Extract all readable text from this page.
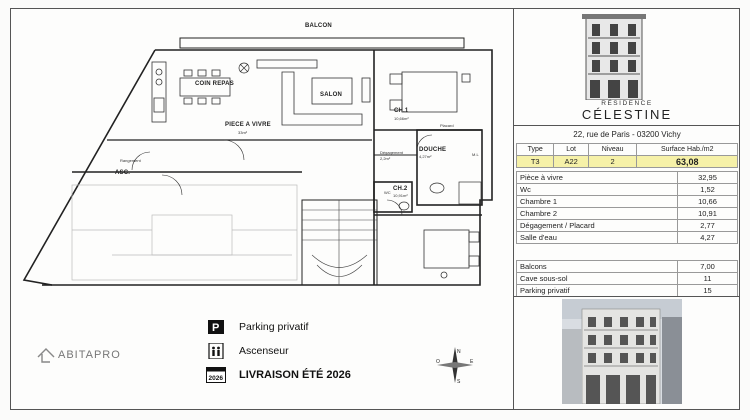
BALCON
COIN REPAS
SALON
PIECE A VIVRE
33m²
CH.1
10,66m²
DOUCHE
4,27m²
Dégagement
2,2m²
CH.2
10,91m²
ASC.
WC
M.L
Rangement
Placard
ABITAPRO
P Parking privatif
Ascenseur
2026 LIVRAISON ÉTÉ 2026
N
S
E
O
RÉSIDENCE
CÉLESTINE
22, rue de Paris - 03200 Vichy
Type	Lot	Niveau	Surface Hab./m2
T3	A22	2	63,08
Pièce à vivre	32,95
Wc	1,52
Chambre 1	10,66
Chambre 2	10,91
Dégagement / Placard	2,77
Salle d'eau	4,27
Balcons	7,00
Cave sous-sol	11
Parking privatif	15
